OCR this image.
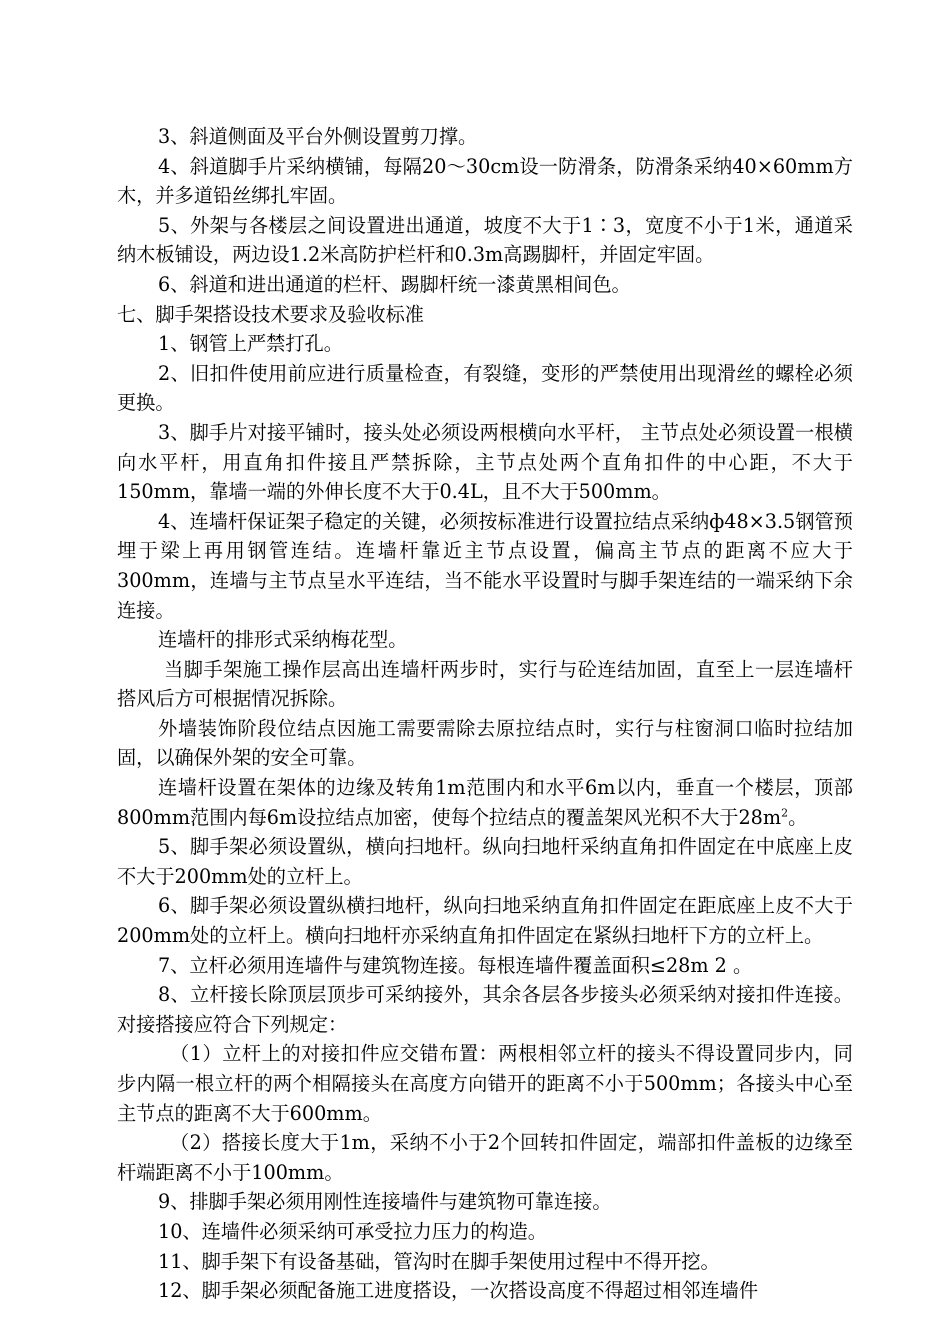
3、斜道侧面及平台外侧设置剪刀撑。

4、斜道脚手片采纳横铺，每隔20～30cm设一防滑条，防滑条采纳40×60mm方木，并多道铅丝绑扎牢固。

5、外架与各楼层之间设置进出通道，坡度不大于1∶3，宽度不小于1米，通道采纳木板铺设，两边设1.2米高防护栏杆和0.3m高踢脚杆，并固定牢固。

6、斜道和进出通道的栏杆、踢脚杆统一漆黄黑相间色。

七、脚手架搭设技术要求及验收标准

1、钢管上严禁打孔。

2、旧扣件使用前应进行质量检查，有裂缝，变形的严禁使用出现滑丝的螺栓必须更换。

3、脚手片对接平铺时，接头处必须设两根横向水平杆， 主节点处必须设置一根横向水平杆，用直角扣件接且严禁拆除，主节点处两个直角扣件的中心距，不大于150mm，靠墙一端的外伸长度不大于0.4L，且不大于500mm。

4、连墙杆保证架子稳定的关键，必须按标准进行设置拉结点采纳ф48×3.5钢管预埋于梁上再用钢管连结。连墙杆靠近主节点设置，偏高主节点的距离不应大于300mm，连墙与主节点呈水平连结，当不能水平设置时与脚手架连结的一端采纳下余连接。

连墙杆的排形式采纳梅花型。

当脚手架施工操作层高出连墙杆两步时，实行与砼连结加固，直至上一层连墙杆搭风后方可根据情况拆除。

外墙装饰阶段位结点因施工需要需除去原拉结点时，实行与柱窗洞口临时拉结加固，以确保外架的安全可靠。

连墙杆设置在架体的边缘及转角1m范围内和水平6m以内，垂直一个楼层，顶部800mm范围内每6m设拉结点加密，使每个拉结点的覆盖架风光积不大于$28m^2$。

5、脚手架必须设置纵，横向扫地杆。纵向扫地杆采纳直角扣件固定在中底座上皮不大于200mm处的立杆上。

6、脚手架必须设置纵横扫地杆，纵向扫地采纳直角扣件固定在距底座上皮不大于200mm处的立杆上。横向扫地杆亦采纳直角扣件固定在紧纵扫地杆下方的立杆上。

7、立杆必须用连墙件与建筑物连接。每根连墙件覆盖面积≤28m 2 。

8、立杆接长除顶层顶步可采纳接外，其余各层各步接头必须采纳对接扣件连接。对接搭接应符合下列规定：

（1）立杆上的对接扣件应交错布置：两根相邻立杆的接头不得设置同步内，同步内隔一根立杆的两个相隔接头在高度方向错开的距离不小于500mm；各接头中心至主节点的距离不大于600mm。

（2）搭接长度大于1m，采纳不小于2个回转扣件固定，端部扣件盖板的边缘至杆端距离不小于100mm。

9、排脚手架必须用刚性连接墙件与建筑物可靠连接。

10、连墙件必须采纳可承受拉力压力的构造。

11、脚手架下有设备基础，管沟时在脚手架使用过程中不得开挖。

12、脚手架必须配备施工进度搭设，一次搭设高度不得超过相邻连墙件
